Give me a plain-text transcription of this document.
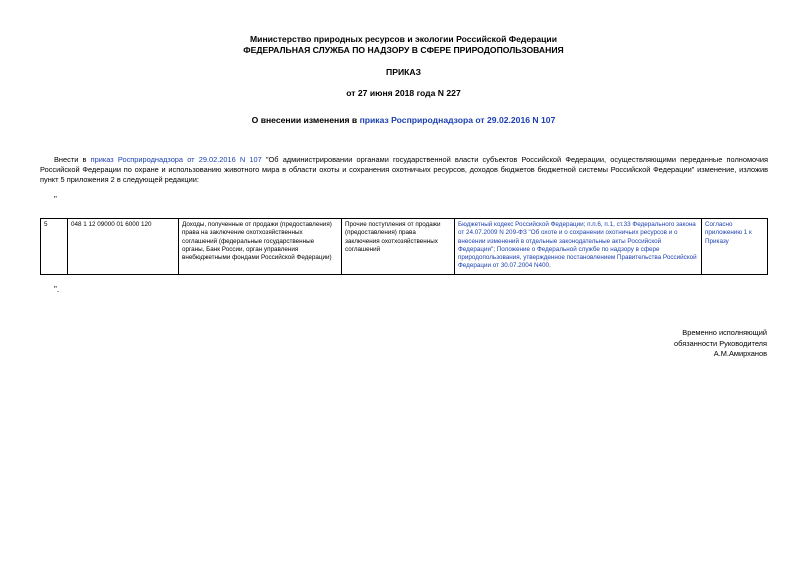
Министерство природных ресурсов и экологии Российской Федерации
ФЕДЕРАЛЬНАЯ СЛУЖБА ПО НАДЗОРУ В СФЕРЕ ПРИРОДОПОЛЬЗОВАНИЯ
ПРИКАЗ
от 27 июня 2018 года N 227
О внесении изменения в приказ Росприроднадзора от 29.02.2016 N 107
Внести в приказ Росприроднадзора от 29.02.2016 N 107 "Об администрировании органами государственной власти субъектов Российской Федерации, осуществляющими переданные полномочия Российской Федерации по охране и использованию животного мира в области охоты и сохранения охотничьих ресурсов, доходов бюджетов бюджетной системы Российской Федерации" изменение, изложив пункт 5 приложения 2 в следующей редакции:
"
5	048 1 12 09000 01 6000 120	Доходы, полученные от продажи (предоставления) права на заключение охотхозяйственных соглашений (федеральные государственные органы, Банк России, орган управления внебюджетными фондами Российской Федерации)	Прочие поступления от продажи (предоставления) права заключения охотхозяйственных соглашений	Бюджетный кодекс Российской Федерации; п.п.6, п.1, ст.33 Федерального закона от 24.07.2009 N 209-ФЗ "Об охоте и о сохранении охотничьих ресурсов и о внесении изменений в отдельные законодательные акты Российской Федерации"; Положение о Федеральной службе по надзору в сфере природопользования, утвержденное постановлением Правительства Российской Федерации от 30.07.2004 N400.	Согласно приложению 1 к Приказу
".
Временно исполняющий
обязанности Руководителя
А.М.Амирханов
